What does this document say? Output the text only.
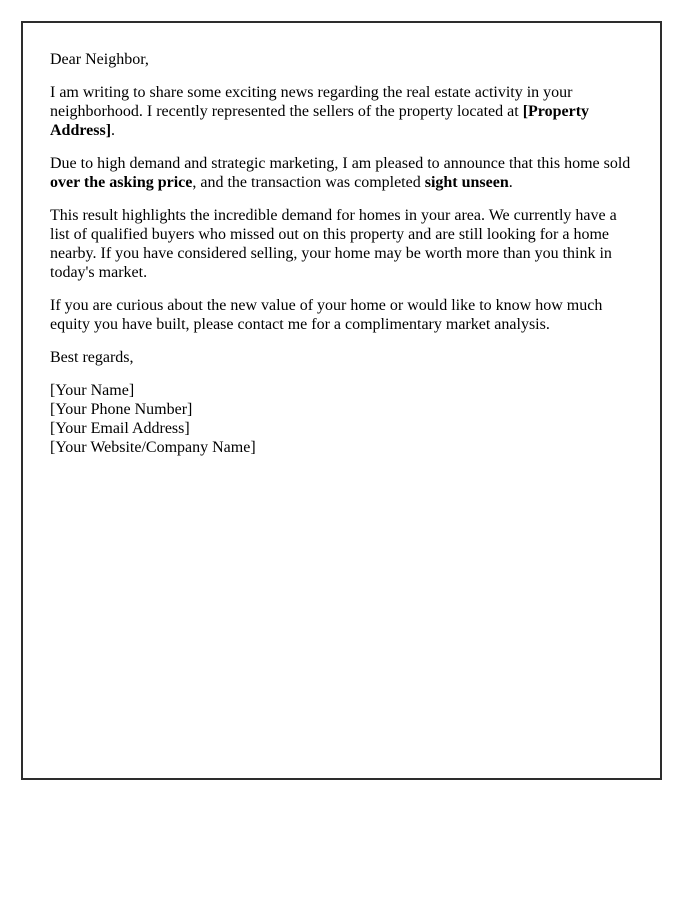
Dear Neighbor,

I am writing to share some exciting news regarding the real estate activity in your neighborhood. I recently represented the sellers of the property located at [Property Address].

Due to high demand and strategic marketing, I am pleased to announce that this home sold over the asking price, and the transaction was completed sight unseen.

This result highlights the incredible demand for homes in your area. We currently have a list of qualified buyers who missed out on this property and are still looking for a home nearby. If you have considered selling, your home may be worth more than you think in today's market.

If you are curious about the new value of your home or would like to know how much equity you have built, please contact me for a complimentary market analysis.

Best regards,

[Your Name]
[Your Phone Number]
[Your Email Address]
[Your Website/Company Name]
